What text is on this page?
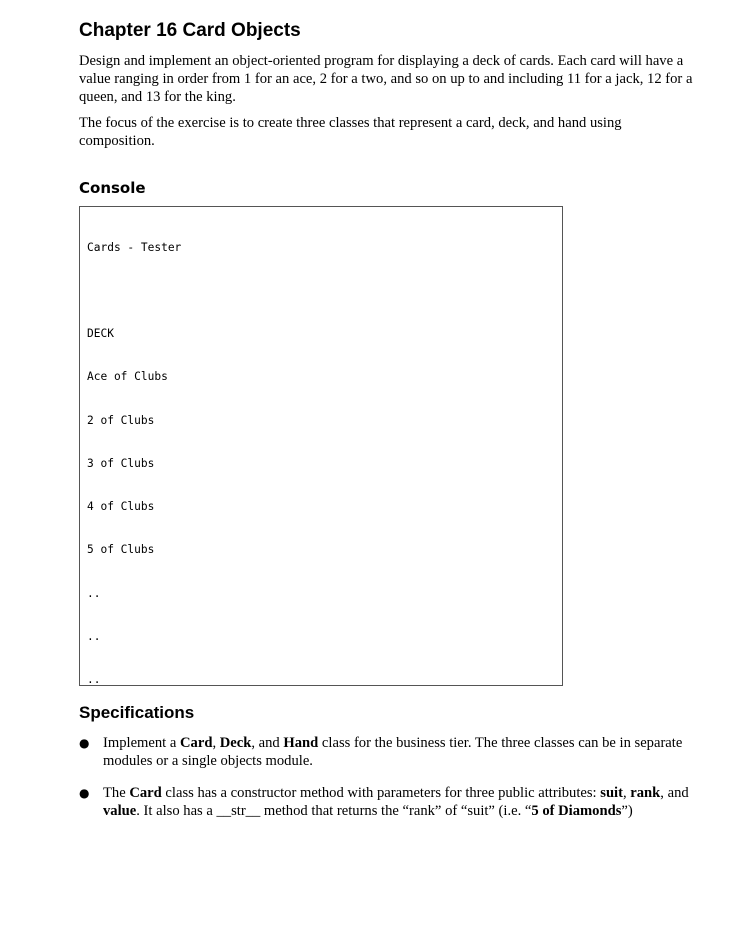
Chapter 16 Card Objects

Design and implement an object-oriented program for displaying a deck of cards. Each card will have a value ranging in order from 1 for an ace, 2 for a two, and so on up to and including 11 for a jack, 12 for a queen, and 13 for the king.

The focus of the exercise is to create three classes that represent a card, deck, and hand using composition.

Console

Cards - Tester

DECK

Ace of Clubs

2 of Clubs

3 of Clubs

4 of Clubs

5 of Clubs

..

..

..

Specifications
● Implement a Card, Deck, and Hand class for the business tier. The three classes can be in separate modules or a single objects module.
● The Card class has a constructor method with parameters for three public attributes: suit, rank, and value. It also has a __str__ method that returns the “rank” of “suit” (i.e. “5 of Diamonds”)
